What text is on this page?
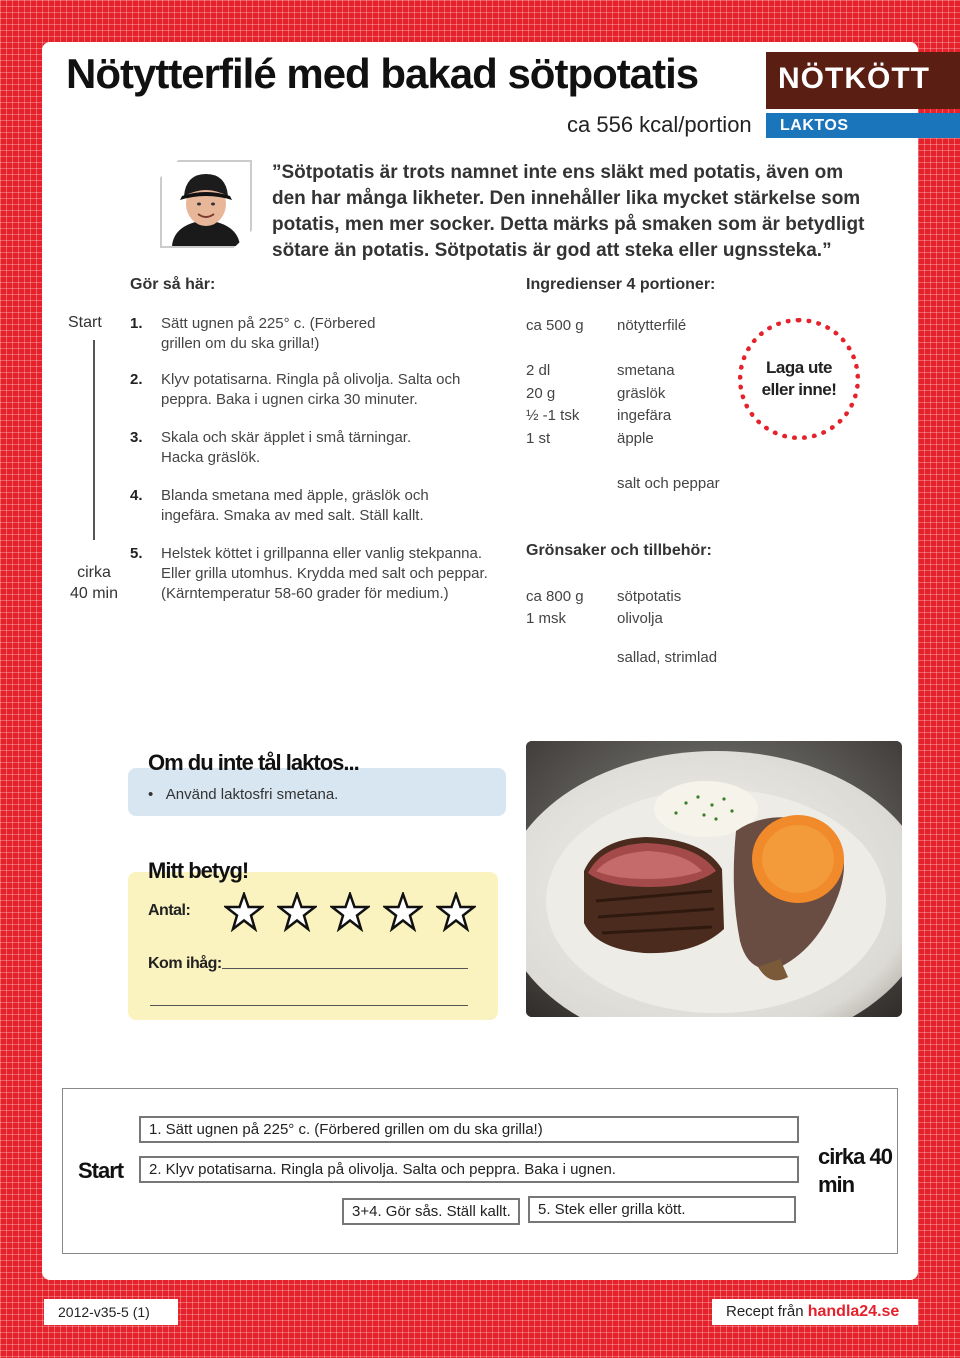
Nötytterfilé med bakad sötpotatis	NÖTKÖTT
LAKTOS
ca 556 kcal/portion
”Sötpotatis är trots namnet inte ens släkt med potatis, även om den har många likheter. Den innehåller lika mycket stärkelse som potatis, men mer socker. Detta märks på smaken som är betydligt sötare än potatis. Sötpotatis är god att steka eller ugnssteka.”
Gör så här:	Ingredienser 4 portioner:
Start
cirka
40 min
1. Sätt ugnen på 225° c. (Förbered grillen om du ska grilla!)
2. Klyv potatisarna. Ringla på olivolja. Salta och peppra. Baka i ugnen cirka 30 minuter.
3. Skala och skär äpplet i små tärningar. Hacka gräslök.
4. Blanda smetana med äpple, gräslök och ingefära. Smaka av med salt. Ställ kallt.
5. Helstek köttet i grillpanna eller vanlig stekpanna. Eller grilla utomhus. Krydda med salt och peppar. (Kärntemperatur 58-60 grader för medium.)
ca 500 g nötytterfilé
2 dl	smetana
20 g	gräslök
½ -1 tsk	ingefära
1 st	äpple
salt och peppar
Laga ute
eller inne!
Grönsaker och tillbehör:
ca 800 g sötpotatis
1 msk	olivolja
sallad, strimlad
Om du inte tål laktos...
•   Använd laktosfri smetana.
Mitt betyg!
Antal:
Kom ihåg:
Start
1. Sätt ugnen på 225° c. (Förbered grillen om du ska grilla!)
2. Klyv potatisarna. Ringla på olivolja. Salta och peppra. Baka i ugnen.
3+4. Gör sås. Ställ kallt.	5. Stek eller grilla kött.
cirka 40 min
2012-v35-5 (1)	Recept från handla24.se
